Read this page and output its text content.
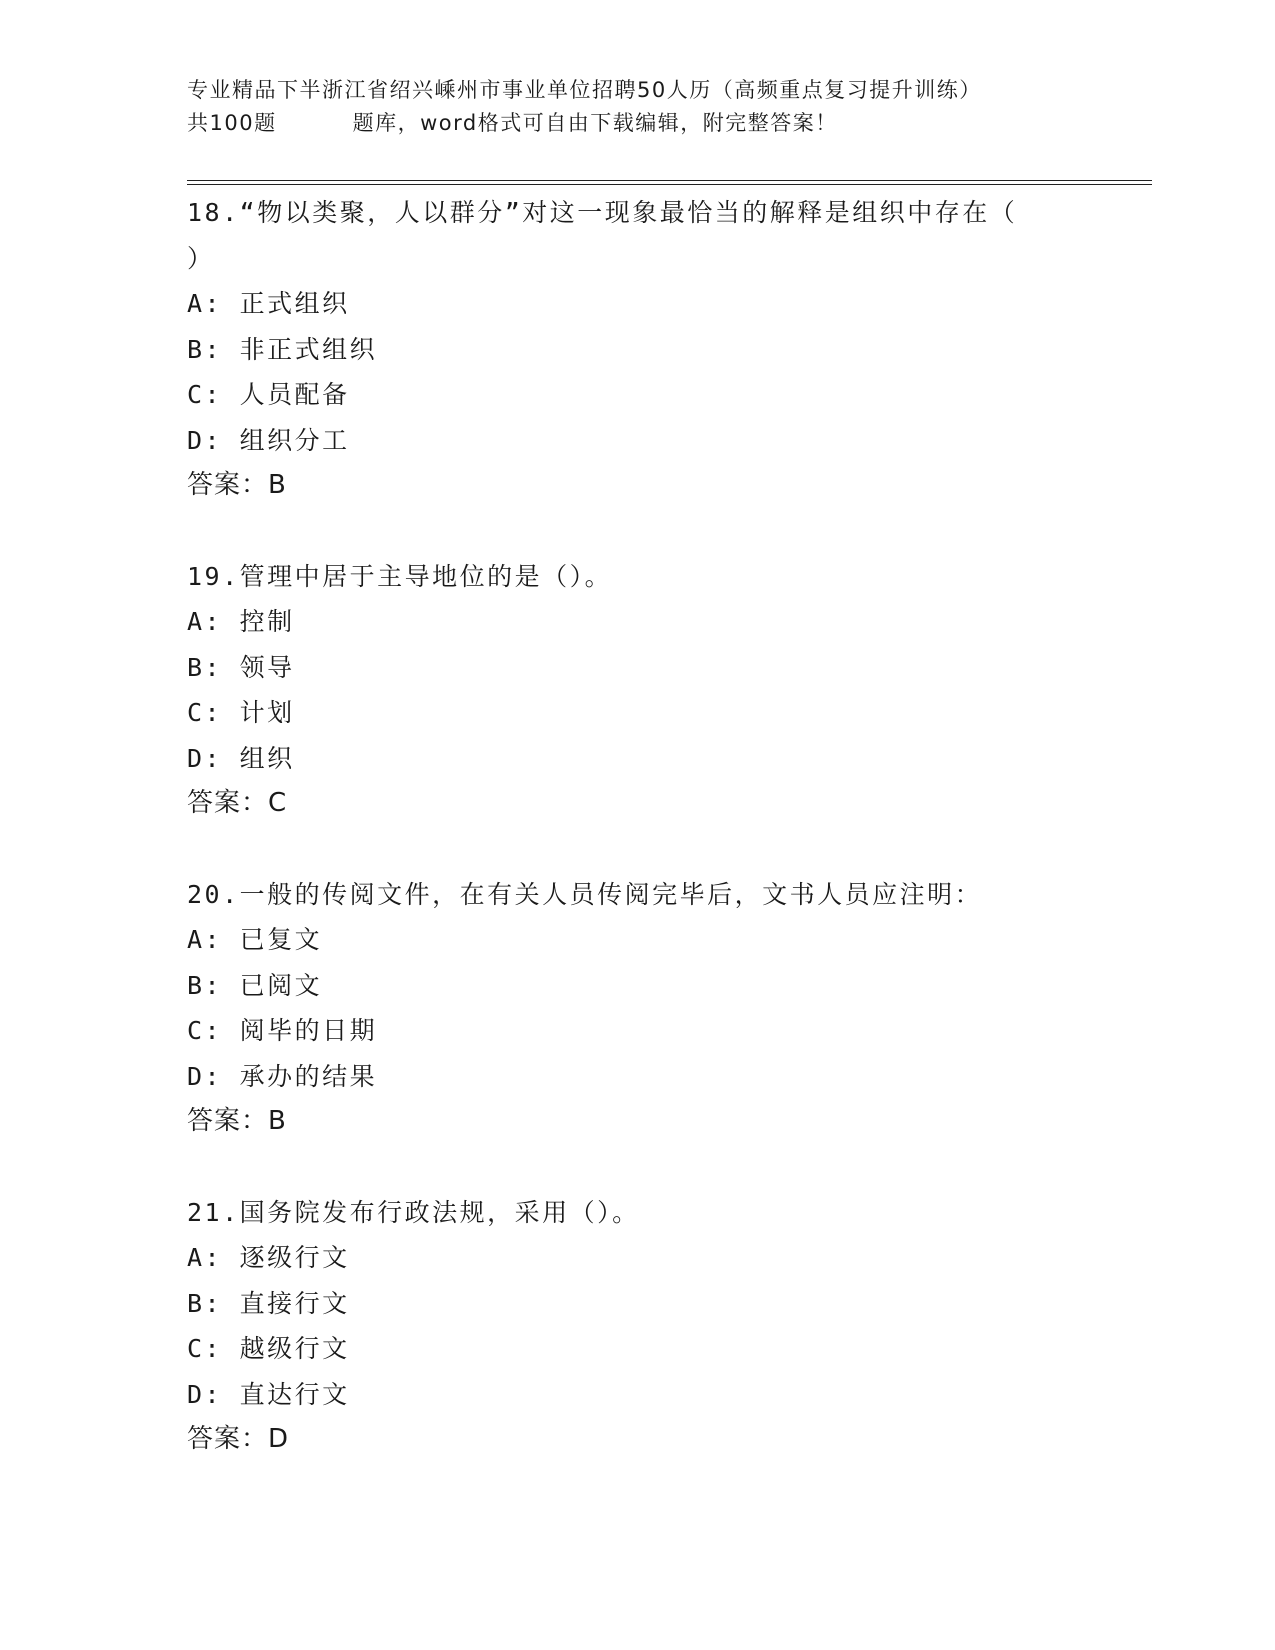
专业精品下半浙江省绍兴嵊州市事业单位招聘50人历（高频重点复习提升训练）
共100题	题库，word格式可自由下载编辑，附完整答案！
18.“物以类聚，人以群分”对这一现象最恰当的解释是组织中存在（
）
A: 正式组织
B: 非正式组织
C: 人员配备
D: 组织分工
答案：B
19.管理中居于主导地位的是（）。
A: 控制
B: 领导
C: 计划
D: 组织
答案：C
20.一般的传阅文件，在有关人员传阅完毕后，文书人员应注明：
A: 已复文
B: 已阅文
C: 阅毕的日期
D: 承办的结果
答案：B
21.国务院发布行政法规，采用（）。
A: 逐级行文
B: 直接行文
C: 越级行文
D: 直达行文
答案：D
